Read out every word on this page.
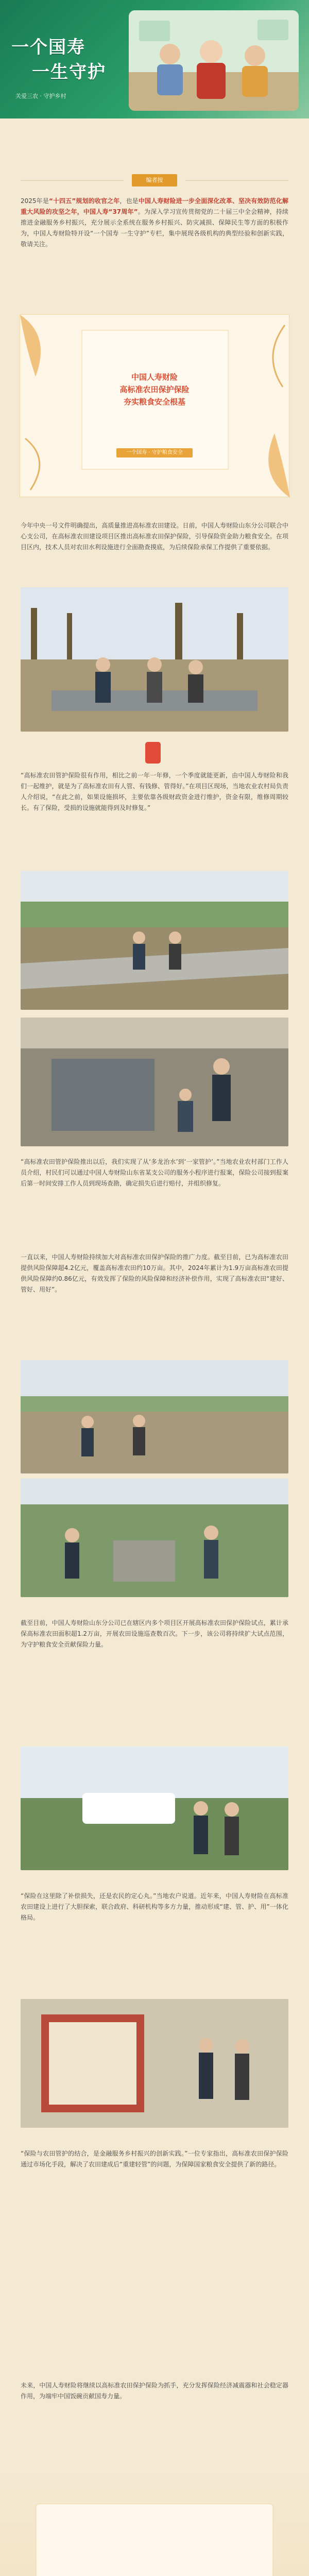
一个国寿
一生守护
关爱三农 · 守护乡村
编者按
2025年是“十四五”规划的收官之年，也是中国人寿财险进一步全面深化改革、坚决有效防范化解重大风险的攻坚之年，中国人寿“37周年”。为深入学习宣传贯彻党的二十届三中全会精神，持续推进金融服务乡村振兴，充分展示全系统在服务乡村振兴、防灾减损、保障民生等方面的积极作为，中国人寿财险特开设“一个国寿 一生守护”专栏，集中展现各级机构的典型经验和创新实践，敬请关注。
中国人寿财险
高标准农田保护保险
夯实粮食安全根基
一个国寿 · 守护粮食安全
今年中央一号文件明确提出，高质量推进高标准农田建设。日前，中国人寿财险山东分公司联合中心支公司，在高标准农田建设项目区推出高标准农田保护保险，引导保险资金助力粮食安全。在项目区内，技术人员对农田水利设施进行全面勘查摸底，为后续保险承保工作提供了重要依据。
“高标准农田管护保险很有作用，相比之前一年一年修，一个季度就能更新，由中国人寿财险和我们一起维护，就是为了高标准农田有人管、有钱修、管得好。”在项目区现场，当地农业农村局负责人介绍说，“在此之前，如果设施损坏，主要依靠各级财政资金进行维护，资金有限，维修周期较长。有了保险，受损的设施就能得到及时修复。”
“高标准农田管护保险推出以后，我们实现了从‘多龙治水’到‘一家管护’。”当地农业农村部门工作人员介绍，村民们可以通过中国人寿财险山东省某支公司的服务小程序进行报案，保险公司接到报案后第一时间安排工作人员到现场查勘，确定损失后进行赔付，并组织修复。
一直以来，中国人寿财险持续加大对高标准农田保护保险的推广力度。截至目前，已为高标准农田提供风险保障超4.2亿元，覆盖高标准农田约10万亩。其中，2024年累计为1.9万亩高标准农田提供风险保障约0.86亿元，有效发挥了保险的风险保障和经济补偿作用，实现了高标准农田“建好、管好、用好”。
截至目前，中国人寿财险山东分公司已在辖区内多个项目区开展高标准农田保护保险试点，累计承保高标准农田面积超1.2万亩，开展农田设施巡查数百次。下一步，该公司将持续扩大试点范围，为守护粮食安全贡献保险力量。
“保险在这里除了补偿损失，还是农民的定心丸。”当地农户说道。近年来，中国人寿财险在高标准农田建设上进行了大胆探索，联合政府、科研机构等多方力量，推动形成“建、管、护、用”一体化格局。
“保险与农田管护的结合，是金融服务乡村振兴的创新实践。”一位专家指出，高标准农田保护保险通过市场化手段，解决了农田建成后“重建轻管”的问题，为保障国家粮食安全提供了新的路径。
未来，中国人寿财险将继续以高标准农田保护保险为抓手，充分发挥保险经济减震器和社会稳定器作用，为端牢中国饭碗贡献国寿力量。
